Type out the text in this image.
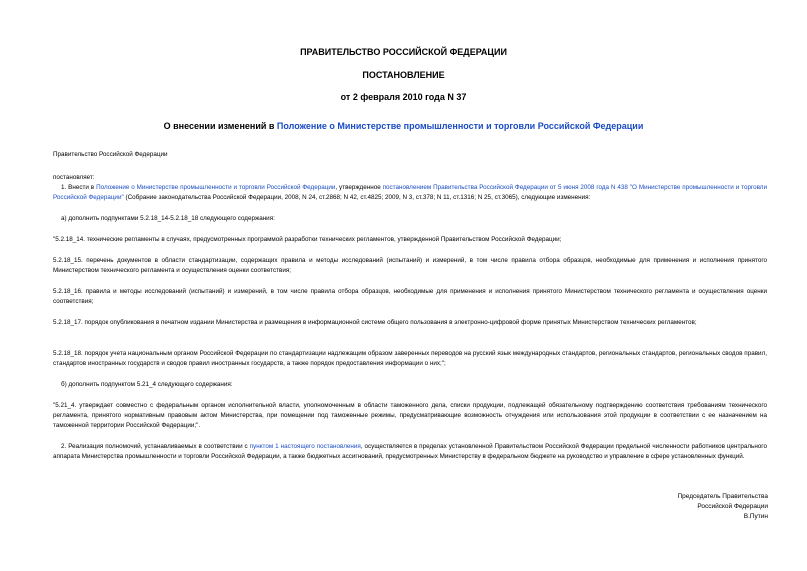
ПРАВИТЕЛЬСТВО РОССИЙСКОЙ ФЕДЕРАЦИИ
ПОСТАНОВЛЕНИЕ
от 2 февраля 2010 года N 37
О внесении изменений в Положение о Министерстве промышленности и торговли Российской Федерации
Правительство Российской Федерации
постановляет:
1. Внести в Положение о Министерстве промышленности и торговли Российской Федерации, утвержденное постановлением Правительства Российской Федерации от 5 июня 2008 года N 438 "О Министерстве промышленности и торговли Российской Федерации" (Собрание законодательства Российской Федерации, 2008, N 24, ст.2868; N 42, ст.4825; 2009, N 3, ст.378; N 11, ст.1316; N 25, ст.3065), следующие изменения:
а) дополнить подпунктами 5.2.18_14-5.2.18_18 следующего содержания:
"5.2.18_14. технические регламенты в случаях, предусмотренных программой разработки технических регламентов, утвержденной Правительством Российской Федерации;
5.2.18_15. перечень документов в области стандартизации, содержащих правила и методы исследований (испытаний) и измерений, в том числе правила отбора образцов, необходимые для применения и исполнения принятого Министерством технического регламента и осуществления оценки соответствия;
5.2.18_16. правила и методы исследований (испытаний) и измерений, в том числе правила отбора образцов, необходимые для применения и исполнения принятого Министерством технического регламента и осуществления оценки соответствия;
5.2.18_17. порядок опубликования в печатном издании Министерства и размещения в информационной системе общего пользования в электронно-цифровой форме принятых Министерством технических регламентов;
5.2.18_18. порядок учета национальным органом Российской Федерации по стандартизации надлежащим образом заверенных переводов на русский язык международных стандартов, региональных стандартов, региональных сводов правил, стандартов иностранных государств и сводов правил иностранных государств, а также порядок предоставления информации о них;";
б) дополнить подпунктом 5.21_4 следующего содержания:
"5.21_4. утверждает совместно с федеральным органом исполнительной власти, уполномоченным в области таможенного дела, списки продукции, подлежащей обязательному подтверждению соответствия требованиям технического регламента, принятого нормативным правовым актом Министерства, при помещении под таможенные режимы, предусматривающие возможность отчуждения или использования этой продукции в соответствии с ее назначением на таможенной территории Российской Федерации;".
2. Реализация полномочий, устанавливаемых в соответствии с пунктом 1 настоящего постановления, осуществляется в пределах установленной Правительством Российской Федерации предельной численности работников центрального аппарата Министерства промышленности и торговли Российской Федерации, а также бюджетных ассигнований, предусмотренных Министерству в федеральном бюджете на руководство и управление в сфере установленных функций.
Председатель Правительства
Российской Федерации
В.Путин
